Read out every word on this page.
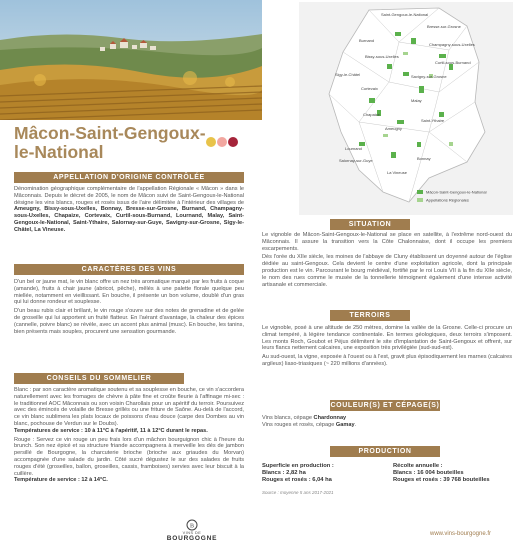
Mâcon-Saint-Gengoux-
le-National
APPELLATION D'ORIGINE CONTRÔLÉE

Dénomination géographique complémentaire de l'appellation Régionale « Mâcon » dans le Mâconnais. Depuis le décret de 2005, le nom de Mâcon suivi de Saint-Gengoux-le-National désigne les vins blancs, rouges et rosés issus de l'aire délimitée à l'intérieur des villages de Ameugny, Bissy-sous-Uxelles, Bonnay, Bresse-sur-Grosne, Burnand, Champagny-sous-Uxelles, Chapaize, Cortevaix, Curtil-sous-Burnand, Lournand, Malay, Saint-Gengoux-le-National, Saint-Ythaire, Salornay-sur-Guye, Savigny-sur-Grosne, Sigy-le-Châtel, La Vineuse.

CARACTÈRES DES VINS

D'un bel or jaune mat, le vin blanc offre un nez très aromatique marqué par les fruits à coque (amande), fruits à chair jaune (abricot, pêche), mêlés à une palette florale quelque peu miellée, notamment en vieillissant. En bouche, il présente un bon volume, doublé d'un gras qui lui donne rondeur et souplesse.

D'un beau rubis clair et brillant, le vin rouge s'ouvre sur des notes de grenadine et de gelée de groseille qui lui apportent un fruité flatteur. En l'aérant d'avantage, la chaleur des épices (cannelle, poivre blanc) se révèle, avec un accent plus animal (musc). En bouche, les tanins, bien présents mais souples, procurent une sensation gourmande.

CONSEILS DU SOMMELIER

Blanc : par son caractère aromatique soutenu et sa souplesse en bouche, ce vin s'accordera naturellement avec les fromages de chèvre à pâte fine et croûte fleurie à l'affinage mi-sec : le traditionnel AOC Mâconnais ou son voisin Charollais pour un apéritif du terroir. Poursuivez avec des émincés de volaille de Bresse grillés ou une friture de Saône. Au-delà de l'accord, ce vin blanc sublimera les plats locaux de poissons d'eau douce (carpe des Dombes au vin blanc, pochouse de Verdun sur le Doubs).
Températures de service : 10 à 11°C à l'apéritif, 11 à 12°C durant le repas.

Rouge : Servez ce vin rouge un peu frais lors d'un mâchon bourguignon chic à l'heure du brunch. Son nez épicé et sa structure friande accompagnera à merveille les dés de jambon persillé de Bourgogne, la charcuterie brioche (brioche aux griaudes du Morvan) accompagnée d'une salade du jardin. Côté sucré dégustez le sur des salades de fruits rouges d'été (groseilles, ballon, groseilles, cassis, framboises) servies avec leur biscuit à la cuillère.
Température de service : 12 à 14°C.

Saint-Gengoux-le-National
Bresse-sur-Grosne
Burnand
Champagny-sous-Uxelles
Bissy-sous-Uxelles
Curtil-sous-Burnand
Savigny-sur-Grosne
Sigy-le-Châtel
Cortevaix
Malay
Chapaize
Saint-Ythaire
Ameugny
Lournand
Salornay-sur-Guye
La Vineuse
Bonnay
Mâcon-Saint-Gengoux-le-National
Appellations Régionales
SITUATION

Le vignoble de Mâcon-Saint-Gengoux-le-National se place en satellite, à l'extrême nord-ouest du Mâconnais. Il assure la transition vers la Côte Chalonnaise, dont il occupe les premiers escarpements.

Dès l'orée du XIIe siècle, les moines de l'abbaye de Cluny établissent un doyenné autour de l'église dédiée au saint-Gengoux. Cela devient le centre d'une exploitation agricole, dont la principale production est le vin. Parcourant le bourg médiéval, fortifié par le roi Louis VII à la fin du XIIe siècle, le nom des rues comme le musée de la tonnellerie témoignent également d'une intense activité artisanale et commerciale.

TERROIRS

Le vignoble, posé à une altitude de 250 mètres, domine la vallée de la Grosne. Celle-ci procure un climat tempéré, à légère tendance continentale. En termes géologiques, deux terroirs s'imposent. Les monts Roch, Goubot et Péjus délimitent le site d'implantation de Saint-Gengoux et offrent, sur leurs flancs nettement calcaires, une exposition très privilégiée (sud-sud-est).

Au sud-ouest, la vigne, exposée à l'ouest ou à l'est, gravit plus épisodiquement les marnes (calcaires argileux) liaso-triasiques (~ 220 millions d'années).

COULEUR(S) ET CÉPAGE(S)
Vins blancs, cépage Chardonnay
Vins rouges et rosés, cépage Gamay.
PRODUCTION
Superficie en production :
Blancs : 2,82 ha
Rouges et rosés : 6,04 ha
Récolte annuelle :
Blancs : 16 004 bouteilles
Rouges et rosés : 39 768 bouteilles
Source : moyenne 5 ans 2017-2021
B
VINS DE
BOURGOGNE
www.vins-bourgogne.fr
